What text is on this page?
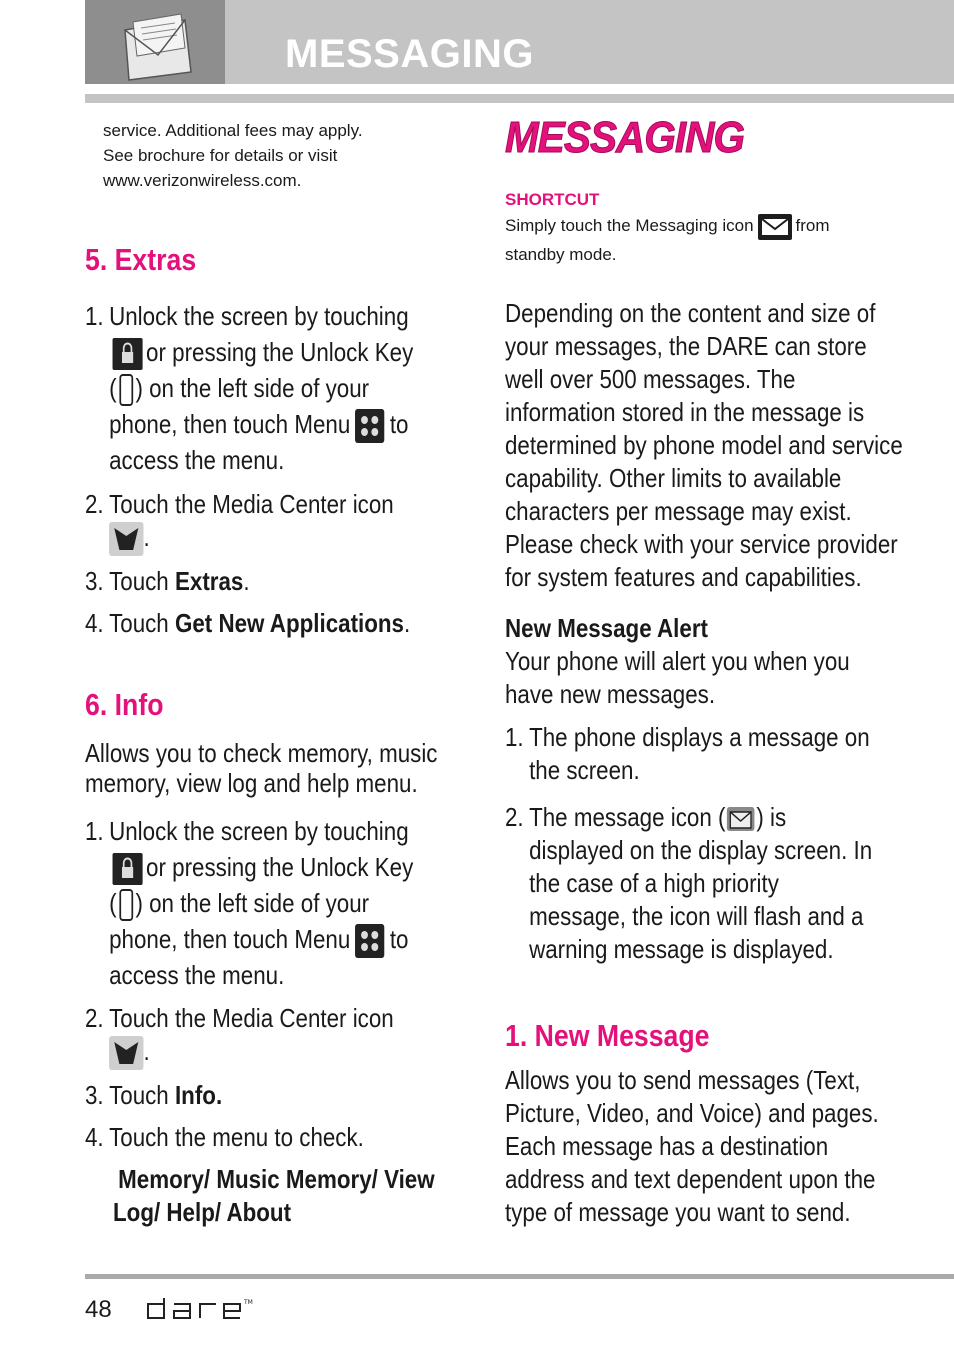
MESSAGING
service. Additional fees may apply.
See brochure for details or visit
www.verizonwireless.com.
5. Extras
1. Unlock the screen by touching
or pressing the Unlock Key
( ) on the left side of your
phone, then touch Menu to
access the menu.
2. Touch the Media Center icon
.
3. Touch Extras.
4. Touch Get New Applications.
6. Info
Allows you to check memory, music
memory, view log and help menu.
1. Unlock the screen by touching
or pressing the Unlock Key
( ) on the left side of your
phone, then touch Menu to
access the menu.
2. Touch the Media Center icon
.
3. Touch Info.
4. Touch the menu to check.
Memory/ Music Memory/ View
Log/ Help/ About
MESSAGING
SHORTCUT
Simply touch the Messaging icon from
standby mode.
Depending on the content and size of
your messages, the DARE can store
well over 500 messages. The
information stored in the message is
determined by phone model and service
capability. Other limits to available
characters per message may exist.
Please check with your service provider
for system features and capabilities.
New Message Alert
Your phone will alert you when you
have new messages.
1. The phone displays a message on
the screen.
2. The message icon ( ) is
displayed on the display screen. In
the case of a high priority
message, the icon will flash and a
warning message is displayed.
1. New Message
Allows you to send messages (Text,
Picture, Video, and Voice) and pages.
Each message has a destination
address and text dependent upon the
type of message you want to send.
48	TM
